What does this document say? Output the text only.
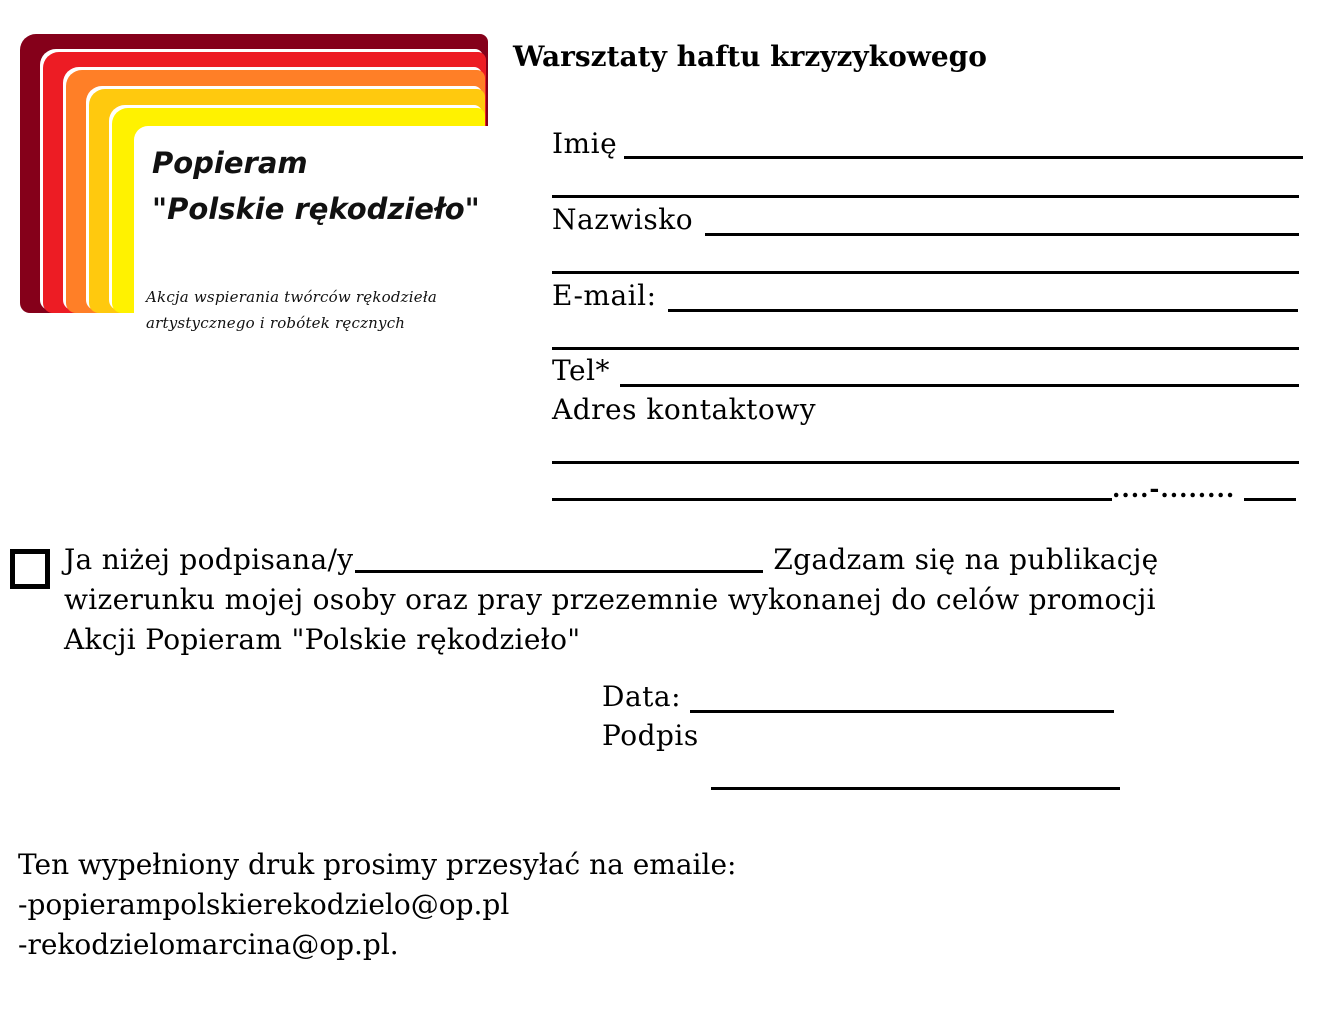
Popieram
"Polskie rękodzieło"
Akcja wspierania twórców rękodzieła
artystycznego i robótek ręcznych
Warsztaty haftu krzyzykowego
Imię
Nazwisko
E-mail:
Tel*
Adres kontaktowy
....-........
Ja niżej podpisana/y	Zgadzam się na publikację
wizerunku mojej osoby oraz pray przezemnie wykonanej do celów promocji
Akcji Popieram "Polskie rękodzieło"
Data:
Podpis
Ten wypełniony druk prosimy przesyłać na emaile:
-popierampolskierekodzielo@op.pl
-rekodzielomarcina@op.pl.
